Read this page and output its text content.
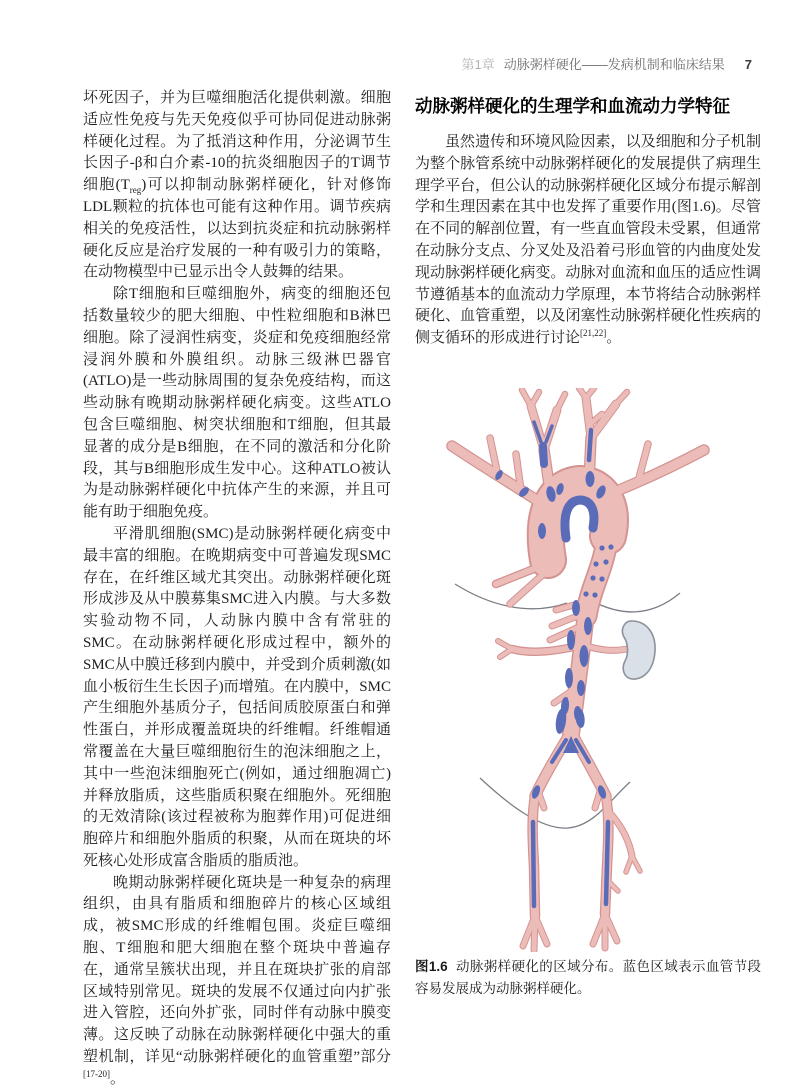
第1章 动脉粥样硬化——发病机制和临床结果 7

坏死因子，并为巨噬细胞活化提供刺激。细胞适应性免疫与先天免疫似乎可协同促进动脉粥样硬化过程。为了抵消这种作用，分泌调节生长因子-β和白介素-10的抗炎细胞因子的T调节细胞$(T_{reg})$可以抑制动脉粥样硬化，针对修饰LDL颗粒的抗体也可能有这种作用。调节疾病相关的免疫活性，以达到抗炎症和抗动脉粥样硬化反应是治疗发展的一种有吸引力的策略，在动物模型中已显示出令人鼓舞的结果。

除T细胞和巨噬细胞外，病变的细胞还包括数量较少的肥大细胞、中性粒细胞和B淋巴细胞。除了浸润性病变，炎症和免疫细胞经常浸润外膜和外膜组织。动脉三级淋巴器官(ATLO)是一些动脉周围的复杂免疫结构，而这些动脉有晚期动脉粥样硬化病变。这些ATLO包含巨噬细胞、树突状细胞和T细胞，但其最显著的成分是B细胞，在不同的激活和分化阶段，其与B细胞形成生发中心。这种ATLO被认为是动脉粥样硬化中抗体产生的来源，并且可能有助于细胞免疫。

平滑肌细胞(SMC)是动脉粥样硬化病变中最丰富的细胞。在晚期病变中可普遍发现SMC存在，在纤维区域尤其突出。动脉粥样硬化斑形成涉及从中膜募集SMC进入内膜。与大多数实验动物不同，人动脉内膜中含有常驻的SMC。在动脉粥样硬化形成过程中，额外的SMC从中膜迁移到内膜中，并受到介质刺激(如血小板衍生生长因子)而增殖。在内膜中，SMC产生细胞外基质分子，包括间质胶原蛋白和弹性蛋白，并形成覆盖斑块的纤维帽。纤维帽通常覆盖在大量巨噬细胞衍生的泡沫细胞之上，其中一些泡沫细胞死亡(例如，通过细胞凋亡)并释放脂质，这些脂质积聚在细胞外。死细胞的无效清除(该过程被称为胞葬作用)可促进细胞碎片和细胞外脂质的积聚，从而在斑块的坏死核心处形成富含脂质的脂质池。

晚期动脉粥样硬化斑块是一种复杂的病理组织，由具有脂质和细胞碎片的核心区域组成，被SMC形成的纤维帽包围。炎症巨噬细胞、T细胞和肥大细胞在整个斑块中普遍存在，通常呈簇状出现，并且在斑块扩张的肩部区域特别常见。斑块的发展不仅通过向内扩张进入管腔，还向外扩张，同时伴有动脉中膜变薄。这反映了动脉在动脉粥样硬化中强大的重塑机制，详见“动脉粥样硬化的血管重塑”部分[17-20]。

动脉粥样硬化的生理学和血流动力学特征

虽然遗传和环境风险因素，以及细胞和分子机制为整个脉管系统中动脉粥样硬化的发展提供了病理生理学平台，但公认的动脉粥样硬化区域分布提示解剖学和生理因素在其中也发挥了重要作用(图1.6)。尽管在不同的解剖位置，有一些直血管段未受累，但通常在动脉分支点、分叉处及沿着弓形血管的内曲度处发现动脉粥样硬化病变。动脉对血流和血压的适应性调节遵循基本的血流动力学原理，本节将结合动脉粥样硬化、血管重塑，以及闭塞性动脉粥样硬化性疾病的侧支循环的形成进行讨论[21,22]。

图1.6 动脉粥样硬化的区域分布。蓝色区域表示血管节段容易发展成为动脉粥样硬化。
